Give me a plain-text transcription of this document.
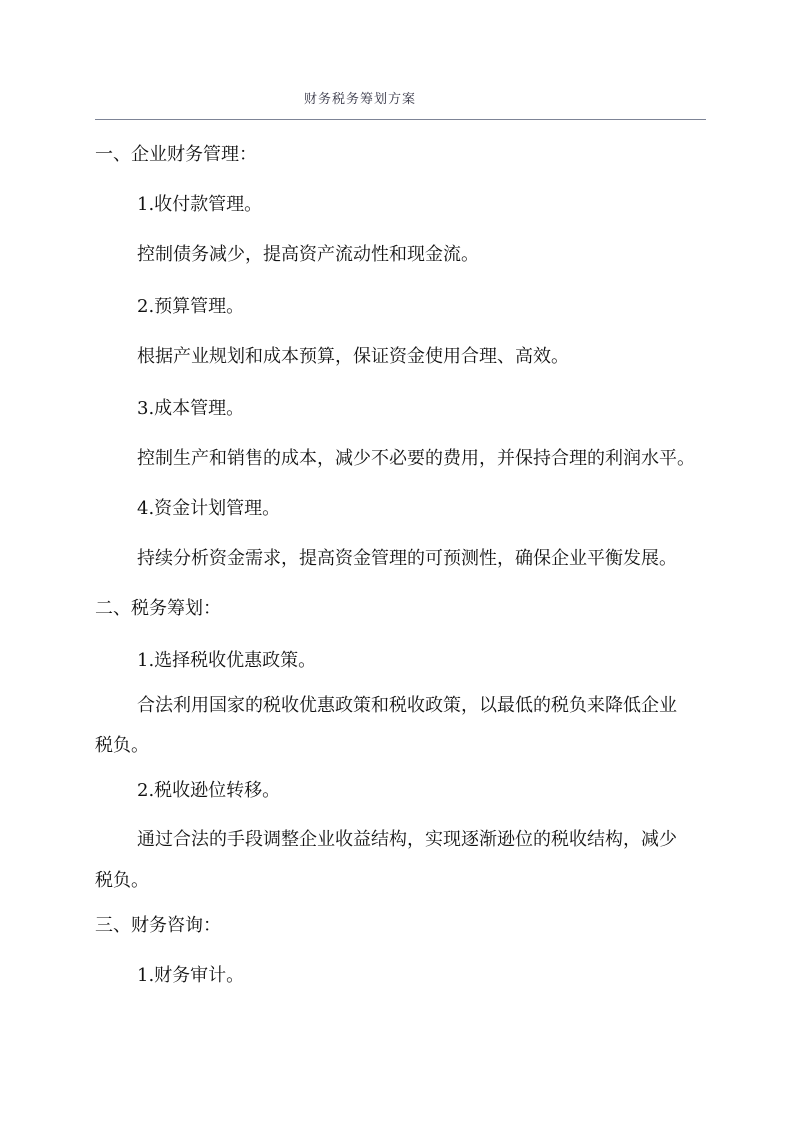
财务税务筹划方案
一、企业财务管理：
1.收付款管理。
控制债务减少，提高资产流动性和现金流。
2.预算管理。
根据产业规划和成本预算，保证资金使用合理、高效。
3.成本管理。
控制生产和销售的成本，减少不必要的费用，并保持合理的利润水平。
4.资金计划管理。
持续分析资金需求，提高资金管理的可预测性，确保企业平衡发展。
二、税务筹划：
1.选择税收优惠政策。
合法利用国家的税收优惠政策和税收政策，以最低的税负来降低企业
税负。
2.税收逊位转移。
通过合法的手段调整企业收益结构，实现逐渐逊位的税收结构，减少
税负。
三、财务咨询：
1.财务审计。
